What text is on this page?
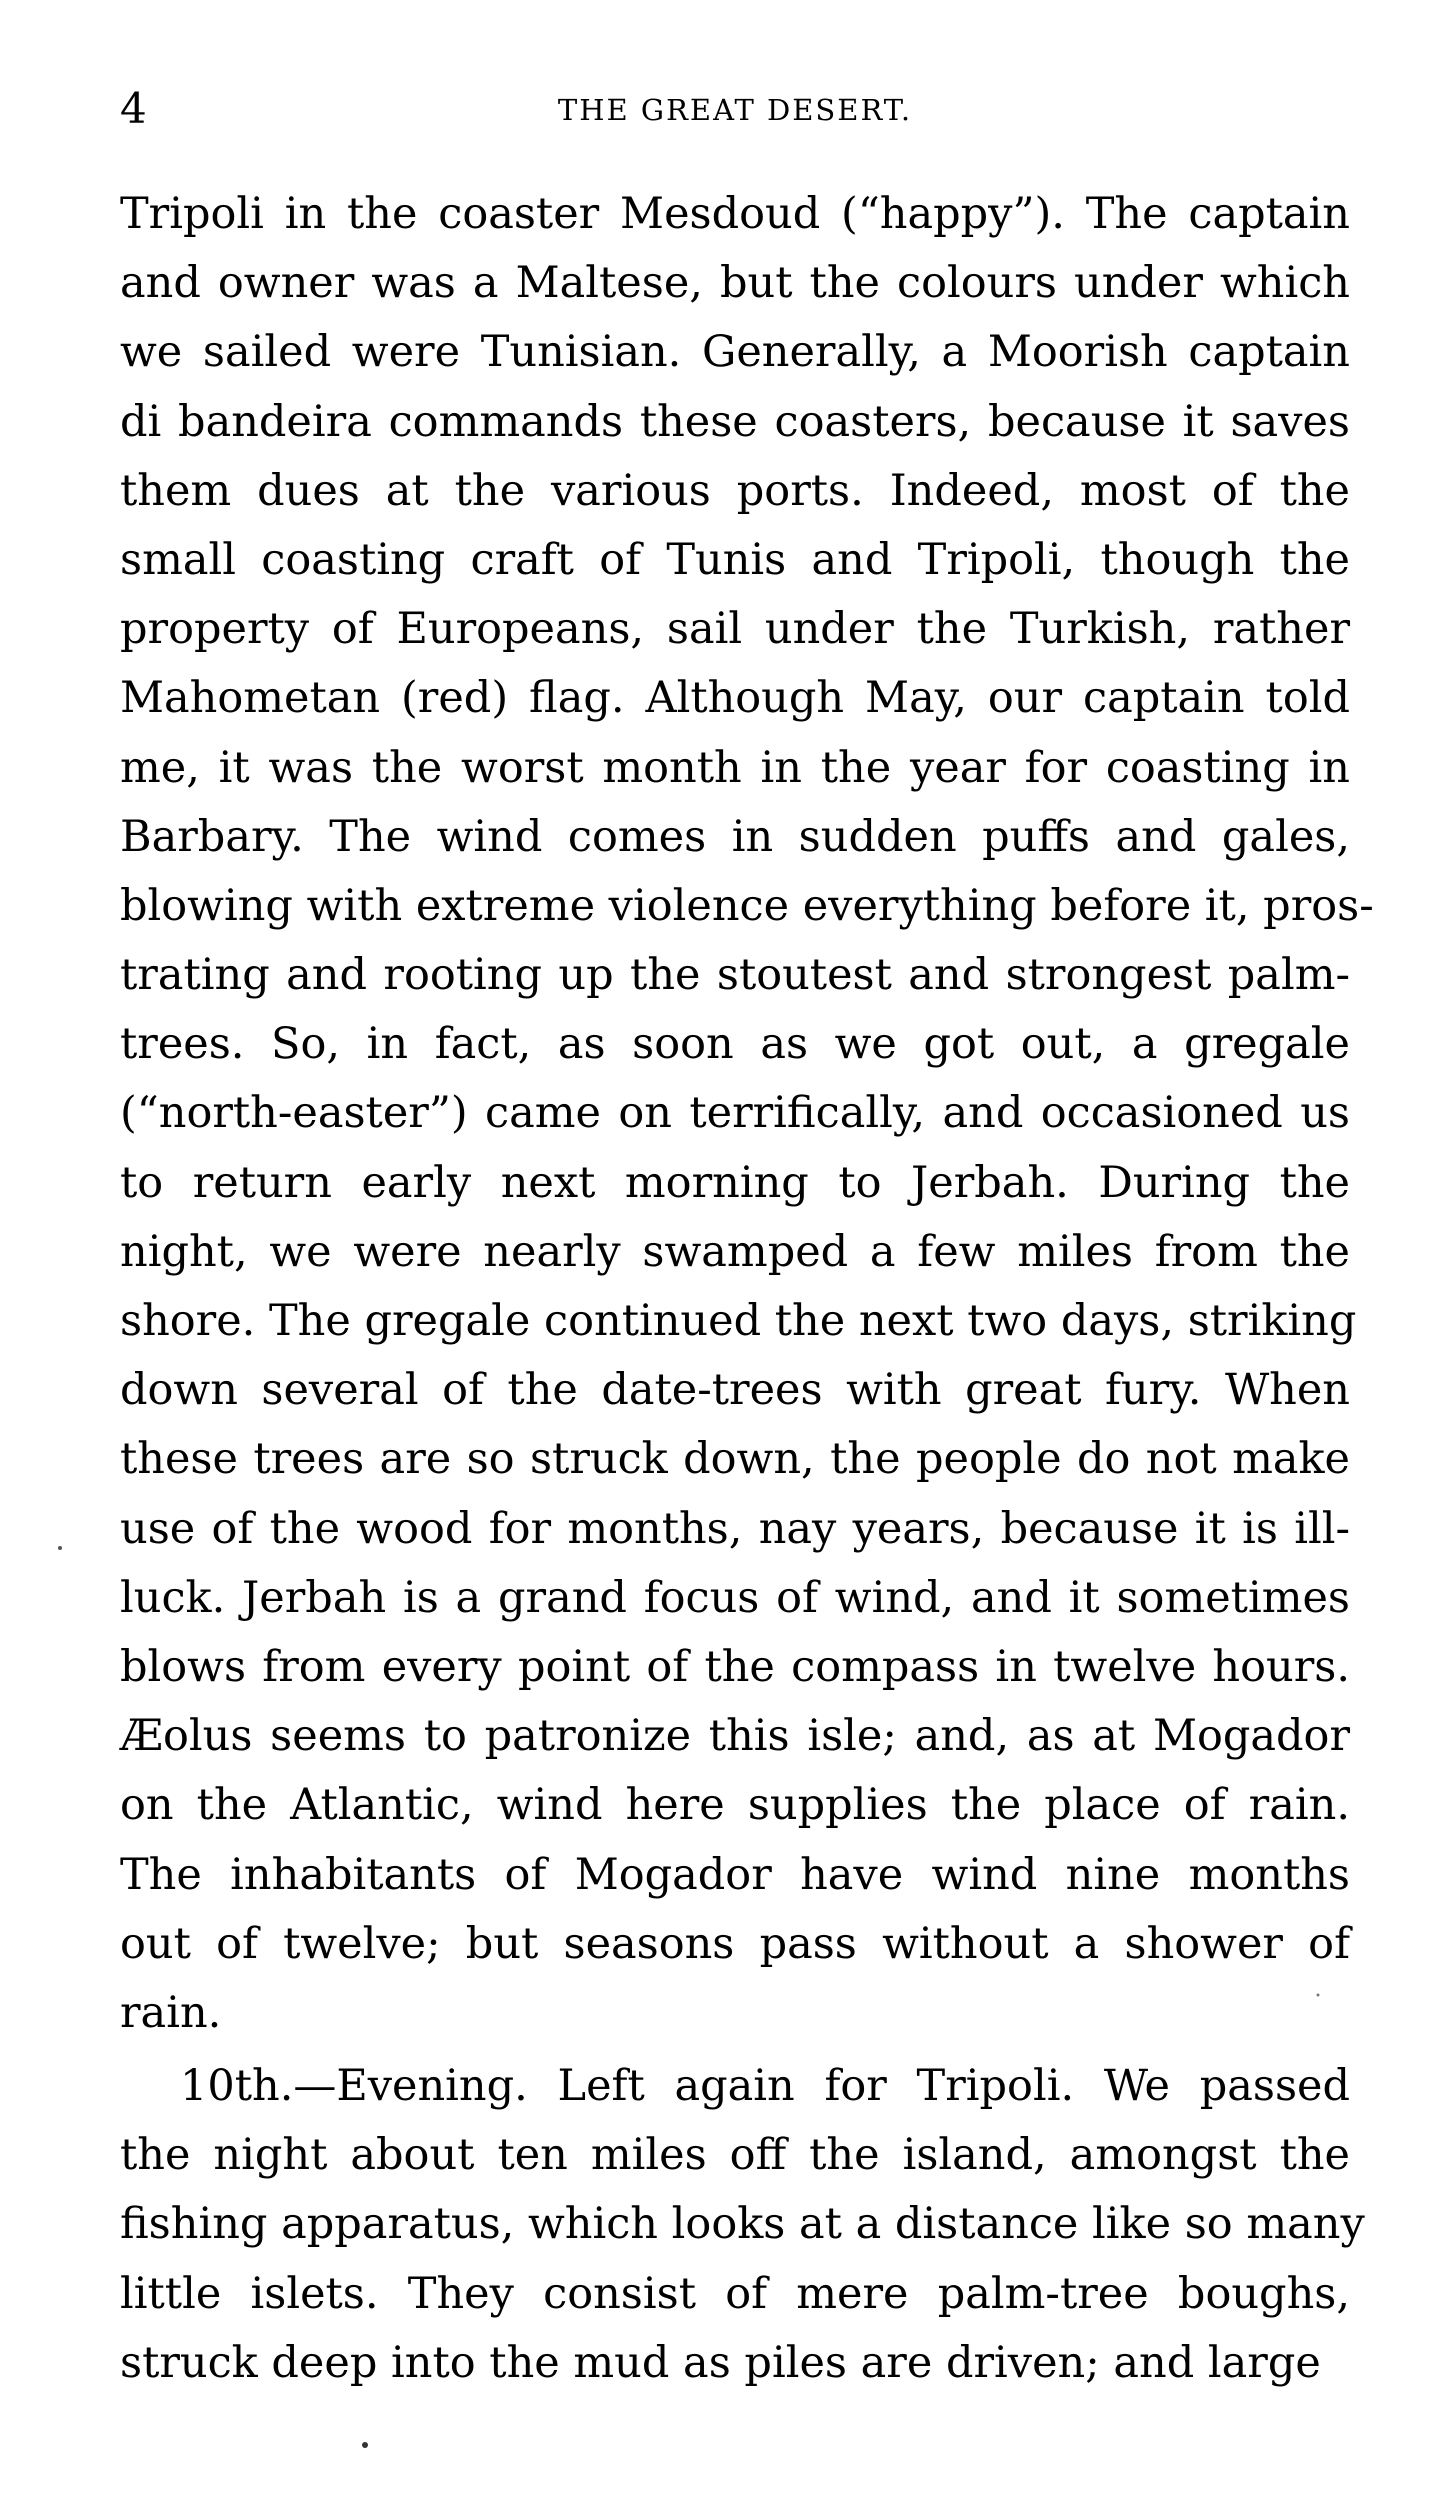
4	THE GREAT DESERT.
Tripoli in the coaster Mesdoud (“happy”). The captain
and owner was a Maltese, but the colours under which
we sailed were Tunisian. Generally, a Moorish captain
di bandeira commands these coasters, because it saves
them dues at the various ports. Indeed, most of the
small coasting craft of Tunis and Tripoli, though the
property of Europeans, sail under the Turkish, rather
Mahometan (red) flag. Although May, our captain told
me, it was the worst month in the year for coasting in
Barbary. The wind comes in sudden puffs and gales,
blowing with extreme violence everything before it, pros-
trating and rooting up the stoutest and strongest palm-
trees. So, in fact, as soon as we got out, a gregale
(“north-easter”) came on terrifically, and occasioned us
to return early next morning to Jerbah. During the
night, we were nearly swamped a few miles from the
shore. The gregale continued the next two days, striking
down several of the date-trees with great fury. When
these trees are so struck down, the people do not make
use of the wood for months, nay years, because it is ill-
luck. Jerbah is a grand focus of wind, and it sometimes
blows from every point of the compass in twelve hours.
Æolus seems to patronize this isle; and, as at Mogador
on the Atlantic, wind here supplies the place of rain.
The inhabitants of Mogador have wind nine months
out of twelve; but seasons pass without a shower of
rain.
10th.—Evening. Left again for Tripoli. We passed
the night about ten miles off the island, amongst the
fishing apparatus, which looks at a distance like so many
little islets. They consist of mere palm-tree boughs,
struck deep into the mud as piles are driven; and large
